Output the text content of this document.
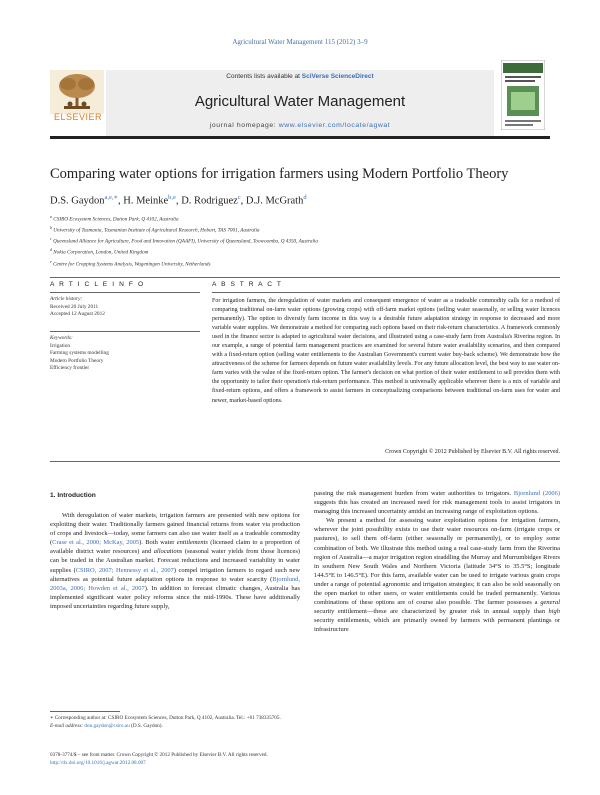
Agricultural Water Management 115 (2012) 3–9
ELSEVIER
Contents lists available at SciVerse ScienceDirect
Agricultural Water Management
journal homepage: www.elsevier.com/locate/agwat
Comparing water options for irrigation farmers using Modern Portfolio Theory
D.S. Gaydon$^{a,e,∗}$, H. Meinke$^{b,e}$, D. Rodriguez$^c$, D.J. McGrath$^d$
$^a$ CSIRO Ecosystem Sciences, Dutton Park, Q 4102, Australia
$^b$ University of Tasmania, Tasmanian Institute of Agricultural Research, Hobart, TAS 7001, Australia
$^c$ Queensland Alliance for Agriculture, Food and Innovation (QAAFI), University of Queensland, Toowoomba, Q 4350, Australia
$^d$ Nokia Corporation, London, United Kingdom
$^e$ Centre for Cropping Systems Analysis, Wageningen University, Netherlands
A R T I C L E I N F O
Article history:
Received 20 July 2011
Accepted 12 August 2012
Keywords:
Irrigation
Farming systems modelling
Modern Portfolio Theory
Efficiency frontier
A B S T R A C T
For irrigation farmers, the deregulation of water markets and consequent emergence of water as a tradeable commodity calls for a method of comparing traditional on-farm water options (growing crops) with off-farm market options (selling water seasonally, or selling water licences permanently). The option to diversify farm income in this way is a desirable future adaptation strategy in response to decreased and more variable water supplies. We demonstrate a method for comparing such options based on their risk-return characteristics. A framework commonly used in the finance sector is adapted to agricultural water decisions, and illustrated using a case-study farm from Australia's Riverina region. In our example, a range of potential farm management practices are examined for several future water availability scenarios, and then compared with a fixed-return option (selling water entitlements to the Australian Government's current water buy-back scheme). We demonstrate how the attractiveness of the scheme for farmers depends on future water availability levels. For any future allocation level, the best way to use water on-farm varies with the value of the fixed-return option. The farmer's decision on what portion of their water entitlement to sell provides them with the opportunity to tailor their operation's risk-return performance. This method is universally applicable wherever there is a mix of variable and fixed-return options, and offers a framework to assist farmers in conceptualizing comparisons between traditional on-farm uses for water and newer, market-based options.
Crown Copyright © 2012 Published by Elsevier B.V. All rights reserved.
1. Introduction

With deregulation of water markets, irrigation farmers are presented with new options for exploiting their water. Traditionally farmers gained financial returns from water via production of crops and livestock—today, some farmers can also use water itself as a tradeable commodity (Crase et al., 2000; McKay, 2005). Both water entitlements (licensed claim to a proportion of available district water resources) and allocations (seasonal water yields from those licences) can be traded in the Australian market. Forecast reductions and increased variability in water supplies (CSIRO, 2007; Hennessy et al., 2007) compel irrigation farmers to regard such new alternatives as potential future adaptation options in response to water scarcity (Bjornlund, 2003a, 2006; Howden et al., 2007). In addition to forecast climatic changes, Australia has implemented significant water policy reforms since the mid-1990s. These have additionally imposed uncertainties regarding future supply,

passing the risk management burden from water authorities to irrigators. Bjornlund (2006) suggests this has created an increased need for risk management tools to assist irrigators in managing this increased uncertainty amidst an increasing range of exploitation options.

We present a method for assessing water exploitation options for irrigation farmers, wherever the joint possibility exists to use their water resources on-farm (irrigate crops or pastures), to sell them off-farm (either seasonally or permanently), or to employ some combination of both. We illustrate this method using a real case-study farm from the Riverina region of Australia—a major irrigation region straddling the Murray and Murrumbidgee Rivers in southern New South Wales and Northern Victoria (latitude 34°S to 35.5°S; longitude 144.5°E to 146.5°E). For this farm, available water can be used to irrigate various grain crops under a range of potential agronomic and irrigation strategies; it can also be sold seasonally on the open market to other users, or water entitlements could be traded permanently. Various combinations of these options are of course also possible. The farmer possesses a general security entitlement—these are characterized by greater risk in annual supply than high security entitlements, which are primarily owned by farmers with permanent plantings or infrastructure

∗ Corresponding author at: CSIRO Ecosystem Sciences, Dutton Park, Q 4102, Australia. Tel.: +61 738335705.
E-mail address: don.gaydon@csiro.au (D.S. Gaydon).
0378-3774/$ – see front matter. Crown Copyright © 2012 Published by Elsevier B.V. All rights reserved.
http://dx.doi.org/10.1016/j.agwat.2012.08.007
